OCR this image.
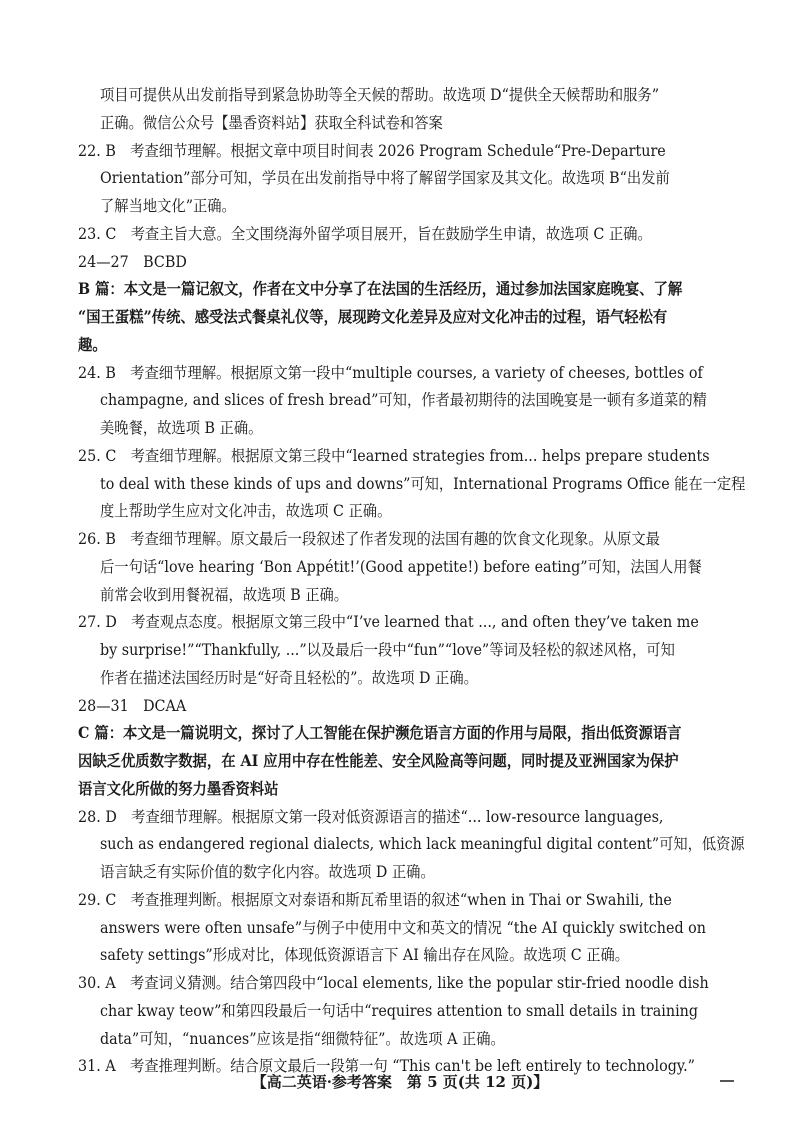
项目可提供从出发前指导到紧急协助等全天候的帮助。故选项 D“提供全天候帮助和服务”
正确。微信公众号【墨香资料站】获取全科试卷和答案
22. B　考查细节理解。根据文章中项目时间表 2026 Program Schedule“Pre-Departure
Orientation”部分可知，学员在出发前指导中将了解留学国家及其文化。故选项 B“出发前
了解当地文化”正确。
23. C　考查主旨大意。全文围绕海外留学项目展开，旨在鼓励学生申请，故选项 C 正确。
24—27　BCBD
B 篇：本文是一篇记叙文，作者在文中分享了在法国的生活经历，通过参加法国家庭晚宴、了解
“国王蛋糕”传统、感受法式餐桌礼仪等，展现跨文化差异及应对文化冲击的过程，语气轻松有
趣。
24. B　考查细节理解。根据原文第一段中“multiple courses, a variety of cheeses, bottles of
champagne, and slices of fresh bread”可知，作者最初期待的法国晚宴是一顿有多道菜的精
美晚餐，故选项 B 正确。
25. C　考查细节理解。根据原文第三段中“learned strategies from... helps prepare students
to deal with these kinds of ups and downs”可知，International Programs Office 能在一定程
度上帮助学生应对文化冲击，故选项 C 正确。
26. B　考查细节理解。原文最后一段叙述了作者发现的法国有趣的饮食文化现象。从原文最
后一句话“love hearing ‘Bon Appétit!’(Good appetite!) before eating”可知，法国人用餐
前常会收到用餐祝福，故选项 B 正确。
27. D　考查观点态度。根据原文第三段中“I’ve learned that ..., and often they’ve taken me
by surprise!”“Thankfully, ...”以及最后一段中“fun”“love”等词及轻松的叙述风格，可知
作者在描述法国经历时是“好奇且轻松的”。故选项 D 正确。
28—31　DCAA
C 篇：本文是一篇说明文，探讨了人工智能在保护濒危语言方面的作用与局限，指出低资源语言
因缺乏优质数字数据，在 AI 应用中存在性能差、安全风险高等问题，同时提及亚洲国家为保护
语言文化所做的努力墨香资料站
28. D　考查细节理解。根据原文第一段对低资源语言的描述“... low-resource languages,
such as endangered regional dialects, which lack meaningful digital content”可知，低资源
语言缺乏有实际价值的数字化内容。故选项 D 正确。
29. C　考查推理判断。根据原文对泰语和斯瓦希里语的叙述“when in Thai or Swahili, the
answers were often unsafe”与例子中使用中文和英文的情况 “the AI quickly switched on
safety settings”形成对比，体现低资源语言下 AI 输出存在风险。故选项 C 正确。
30. A　考查词义猜测。结合第四段中“local elements, like the popular stir-fried noodle dish
char kway teow”和第四段最后一句话中“requires attention to small details in training
data”可知，“nuances”应该是指“细微特征”。故选项 A 正确。
31. A　考查推理判断。结合原文最后一段第一句 “This can't be left entirely to technology.”
【高二英语·参考答案　第 5 页(共 12 页)】
